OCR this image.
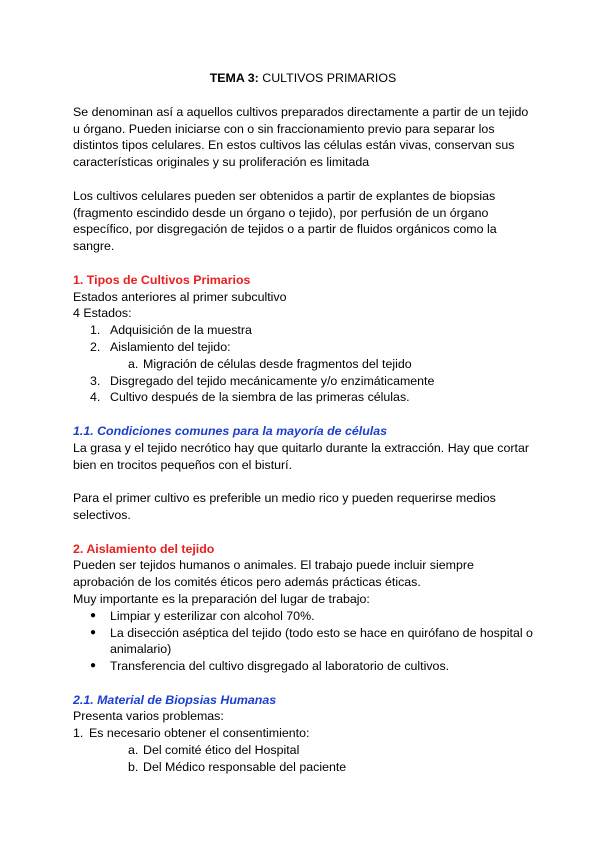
TEMA 3: CULTIVOS PRIMARIOS

Se denominan así a aquellos cultivos preparados directamente a partir de un tejido u órgano. Pueden iniciarse con o sin fraccionamiento previo para separar los distintos tipos celulares. En estos cultivos las células están vivas, conservan sus características originales y su proliferación es limitada

Los cultivos celulares pueden ser obtenidos a partir de explantes de biopsias (fragmento escindido desde un órgano o tejido), por perfusión de un órgano específico, por disgregación de tejidos o a partir de fluidos orgánicos como la sangre.

1. Tipos de Cultivos Primarios

Estados anteriores al primer subcultivo

4 Estados:

1. Adquisición de la muestra
2. Aislamiento del tejido:
a. Migración de células desde fragmentos del tejido
3. Disgregado del tejido mecánicamente y/o enzimáticamente
4. Cultivo después de la siembra de las primeras células.

1.1. Condiciones comunes para la mayoría de células

La grasa y el tejido necrótico hay que quitarlo durante la extracción. Hay que cortar bien en trocitos pequeños con el bisturí.

Para el primer cultivo es preferible un medio rico y pueden requerirse medios selectivos.

2. Aislamiento del tejido

Pueden ser tejidos humanos o animales. El trabajo puede incluir siempre aprobación de los comités éticos pero además prácticas éticas.

Muy importante es la preparación del lugar de trabajo:

● Limpiar y esterilizar con alcohol 70%.
● La disección aséptica del tejido (todo esto se hace en quirófano de hospital o animalario)
● Transferencia del cultivo disgregado al laboratorio de cultivos.

2.1. Material de Biopsias Humanas

Presenta varios problemas:

1. Es necesario obtener el consentimiento:
a. Del comité ético del Hospital
b. Del Médico responsable del paciente
